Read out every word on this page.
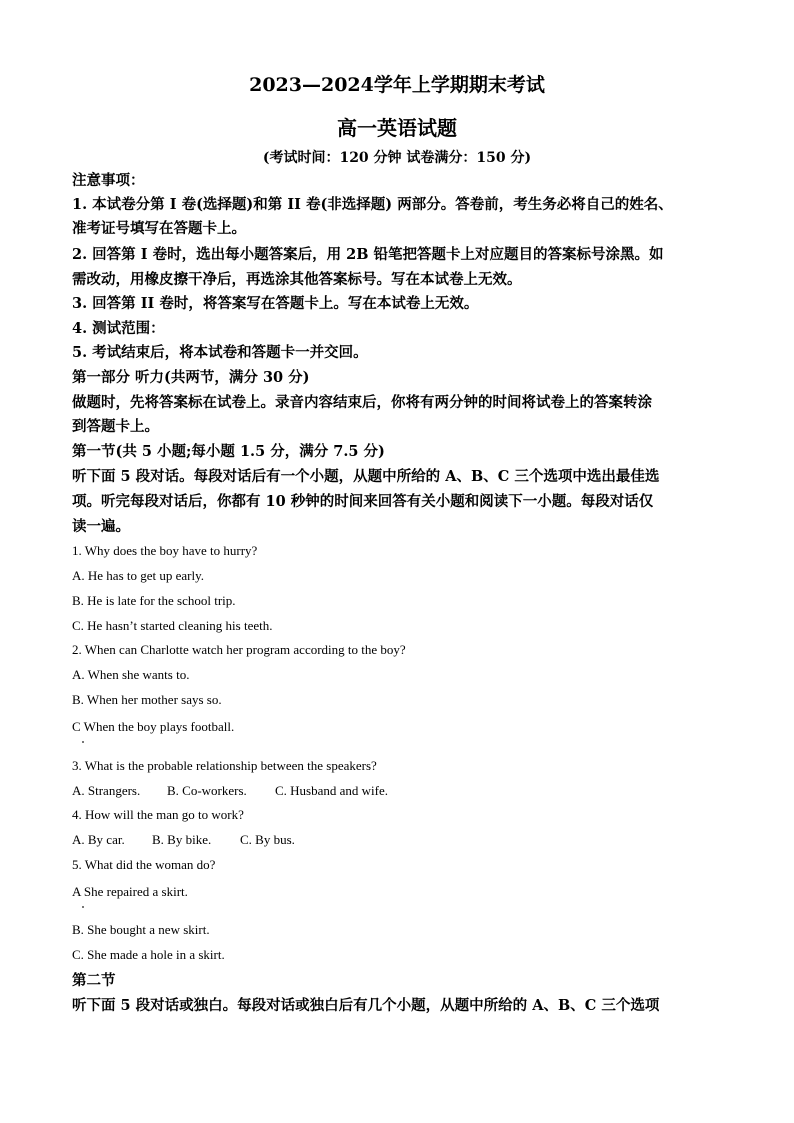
2023—2024学年上学期期末考试
高一英语试题
(考试时间：120 分钟 试卷满分：150 分)
注意事项：
1. 本试卷分第 I 卷(选择题)和第 II 卷(非选择题) 两部分。答卷前，考生务必将自己的姓名、
准考证号填写在答题卡上。
2. 回答第 I 卷时，选出每小题答案后，用 2B 铅笔把答题卡上对应题目的答案标号涂黑。如
需改动，用橡皮擦干净后，再选涂其他答案标号。写在本试卷上无效。
3. 回答第 II 卷时，将答案写在答题卡上。写在本试卷上无效。
4. 测试范围：
5. 考试结束后，将本试卷和答题卡一并交回。
第一部分 听力(共两节，满分 30 分)
做题时，先将答案标在试卷上。录音内容结束后，你将有两分钟的时间将试卷上的答案转涂
到答题卡上。
第一节(共 5 小题;每小题 1.5 分，满分 7.5 分)
听下面 5 段对话。每段对话后有一个小题，从题中所给的 A、B、C 三个选项中选出最佳选
项。听完每段对话后，你都有 10 秒钟的时间来回答有关小题和阅读下一小题。每段对话仅
读一遍。
1. Why does the boy have to hurry?
A. He has to get up early.
B. He is late for the school trip.
C. He hasn’t started cleaning his teeth.
2. When can Charlotte watch her program according to the boy?
A. When she wants to.
B. When her mother says so.
C When the boy plays football.
3. What is the probable relationship between the speakers?
A. Strangers. B. Co-workers. C. Husband and wife.
4. How will the man go to work?
A. By car. B. By bike. C. By bus.
5. What did the woman do?
A She repaired a skirt.
B. She bought a new skirt.
C. She made a hole in a skirt.
第二节
听下面 5 段对话或独白。每段对话或独白后有几个小题，从题中所给的 A、B、C 三个选项
